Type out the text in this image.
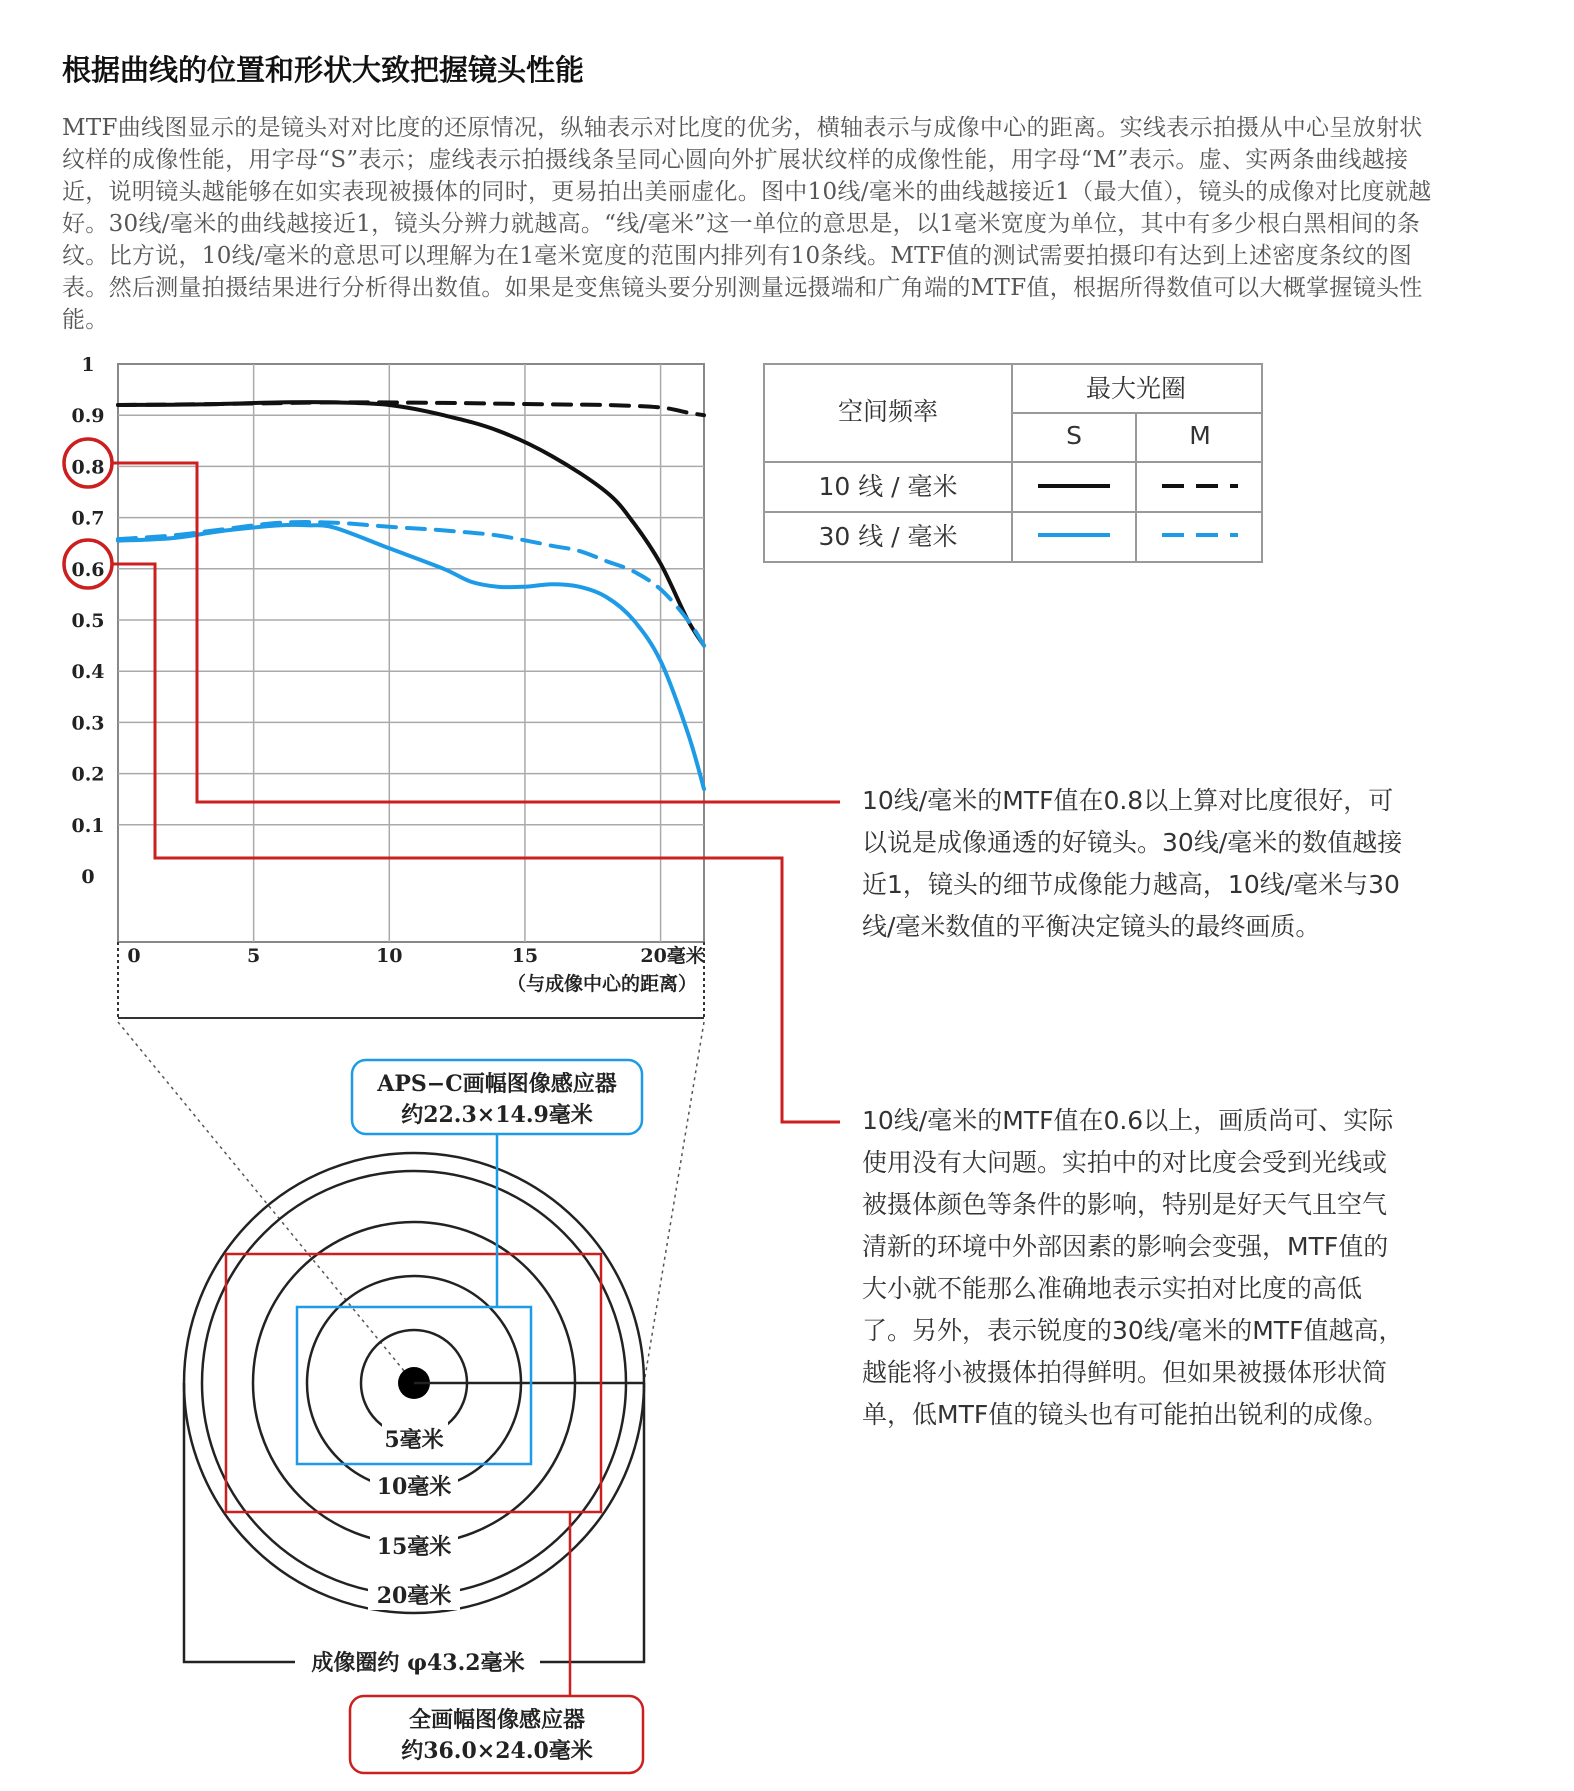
根据曲线的位置和形状大致把握镜头性能

MTF曲线图显示的是镜头对对比度的还原情况，纵轴表示对比度的优劣，横轴表示与成像中心的距离。实线表示拍摄从中心呈放射状纹样的成像性能，用字母“S”表示；虚线表示拍摄线条呈同心圆向外扩展状纹样的成像性能，用字母“M”表示。虚、实两条曲线越接近，说明镜头越能够在如实表现被摄体的同时，更易拍出美丽虚化。图中10线/毫米的曲线越接近1（最大值），镜头的成像对比度就越好。30线/毫米的曲线越接近1，镜头分辨力就越高。“线/毫米”这一单位的意思是，以1毫米宽度为单位，其中有多少根白黑相间的条纹。比方说，10线/毫米的意思可以理解为在1毫米宽度的范围内排列有10条线。MTF值的测试需要拍摄印有达到上述密度条纹的图表。然后测量拍摄结果进行分析得出数值。如果是变焦镜头要分别测量远摄端和广角端的MTF值，根据所得数值可以大概掌握镜头性能。

0
0.1
0.2
0.3
0.4
0.5
0.6
0.7
0.8
0.9
1
0	5	10	15	20毫米
（与成像中心的距离）
空间频率
最大光圈
S	M
10 线 / 毫米
30 线 / 毫米
5毫米
10毫米
15毫米
20毫米
成像圈约 φ43.2毫米
APS−C画幅图像感应器
约22.3×14.9毫米
全画幅图像感应器
约36.0×24.0毫米

10线/毫米的MTF值在0.8以上算对比度很好，可以说是成像通透的好镜头。30线/毫米的数值越接近1，镜头的细节成像能力越高，10线/毫米与30线/毫米数值的平衡决定镜头的最终画质。

10线/毫米的MTF值在0.6以上，画质尚可、实际使用没有大问题。实拍中的对比度会受到光线或被摄体颜色等条件的影响，特别是好天气且空气清新的环境中外部因素的影响会变强，MTF值的大小就不能那么准确地表示实拍对比度的高低了。另外，表示锐度的30线/毫米的MTF值越高，越能将小被摄体拍得鲜明。但如果被摄体形状简单，低MTF值的镜头也有可能拍出锐利的成像。
